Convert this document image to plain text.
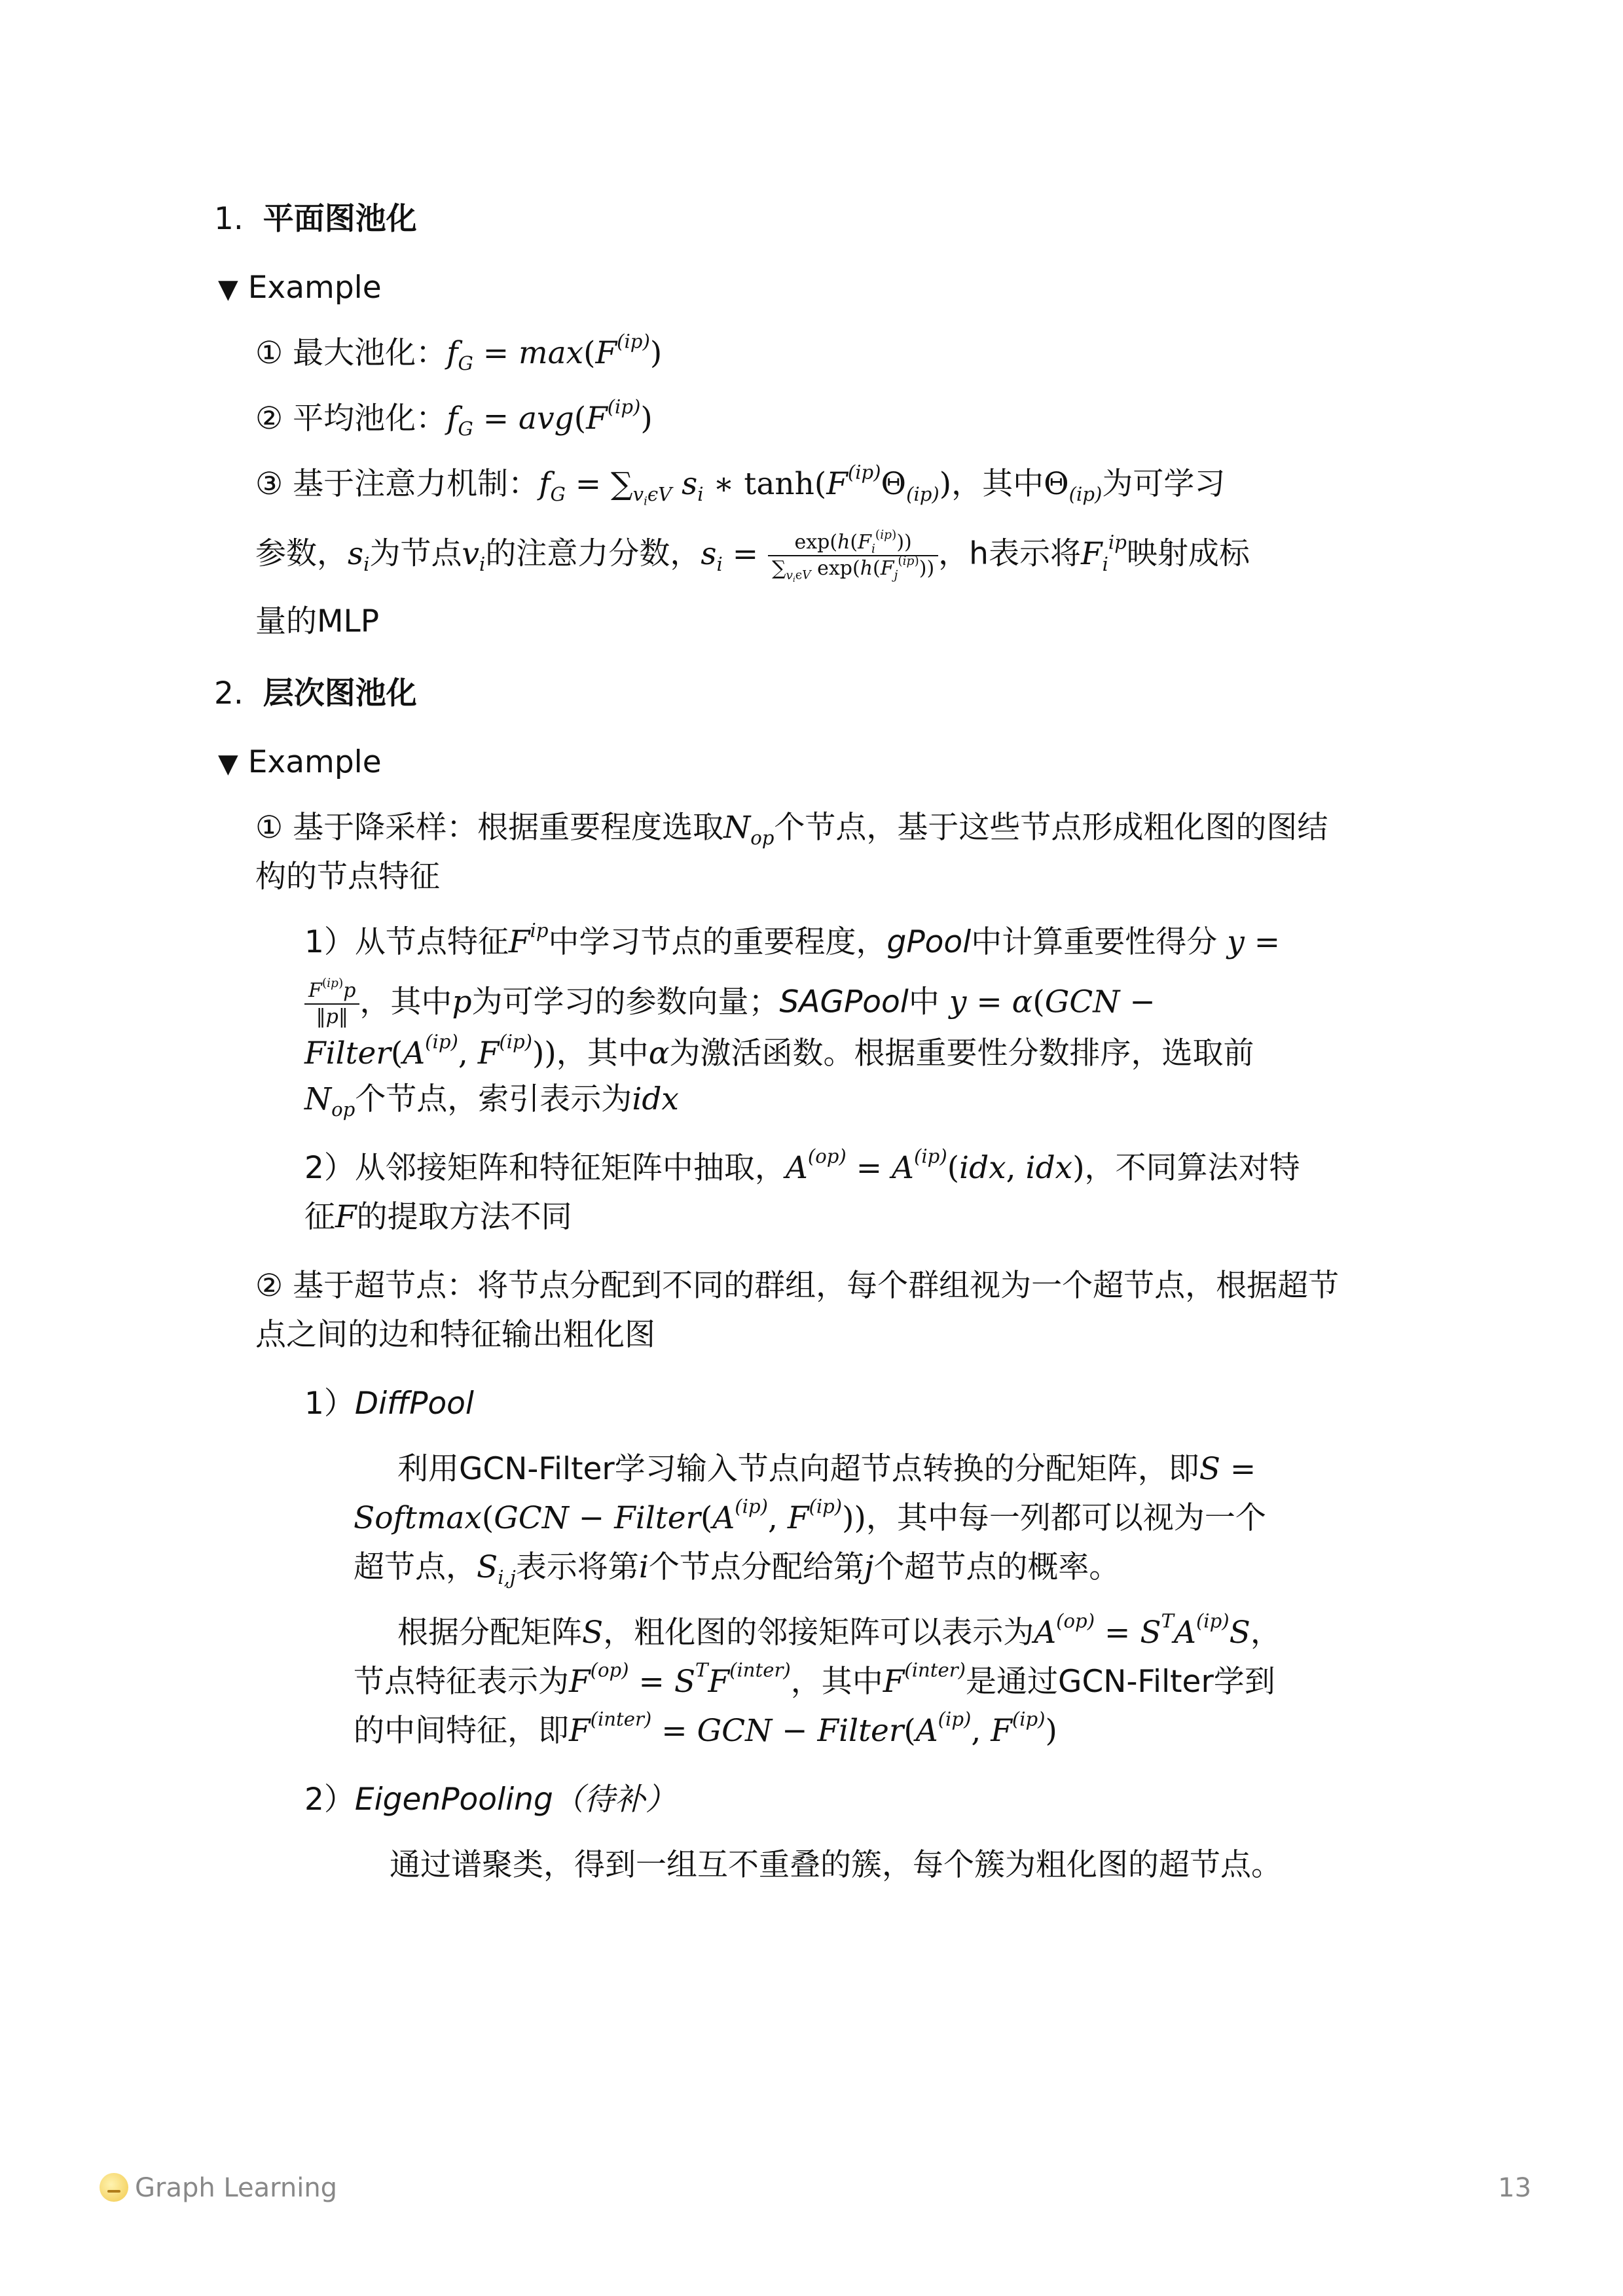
1. 平面图池化
▼ Example
① 最大池化：$f_G = \max(F^{(ip)})$
② 平均池化：$f_G = avg(F^{(ip)})$
③ 基于注意力机制：$f_G = \sum_{v_i\epsilon V}$ $s_i$ ∗ $\tanh(F^{(ip)}\Theta_{(ip)})$，其中$\Theta_{(ip)}$为可学习
参数，$s_i$为节点$v_i$的注意力分数，$s_i = \frac{\exp(h(F_i^{(ip)}))}{\sum_{v_i\epsilon V} \exp(h(F_j^{(ip)}))}$ ，h表示将$F_i^{ip}$映射成标
量的MLP
2. 层次图池化
▼ Example
① 基于降采样：根据重要程度选取$N_{op}$个节点，基于这些节点形成粗化图的图结
构的节点特征
1）从节点特征$F^{ip}$中学习节点的重要程度，gPool中计算重要性得分 y =
$\frac{F^{(ip)}p}{‖p‖}$ ，其中p为可学习的参数向量；SAGPool中 y = α(GCN −
$Filter(A^{(ip)}$, $F^{(ip)}$))，其中α为激活函数。根据重要性分数排序，选取前
$N_{op}$个节点，索引表示为idx
2）从邻接矩阵和特征矩阵中抽取，$A^{(op)} = A^{(ip)}(idx$, idx)，不同算法对特
征F的提取方法不同
② 基于超节点：将节点分配到不同的群组，每个群组视为一个超节点，根据超节
点之间的边和特征输出粗化图
1）DiffPool
利用GCN-Filter学习输入节点向超节点转换的分配矩阵，即S =
Softmax(GCN − $Filter(A^{(ip)}$, $F^{(ip)}$))，其中每一列都可以视为一个
超节点，$S_{i,j}$表示将第i个节点分配给第j个超节点的概率。
根据分配矩阵S，粗化图的邻接矩阵可以表示为$A^{(op)} = S^TA^{(ip)}S$，
节点特征表示为$F^{(op)} = S^TF^{(inter)}$，其中$F^{(inter)}$是通过GCN-Filter学到
的中间特征，即$F^{(inter)}$ = GCN − $Filter(A^{(ip)}$, $F^{(ip)}$)
2）EigenPooling（待补）
通过谱聚类，得到一组互不重叠的簇，每个簇为粗化图的超节点。
Graph Learning	13
